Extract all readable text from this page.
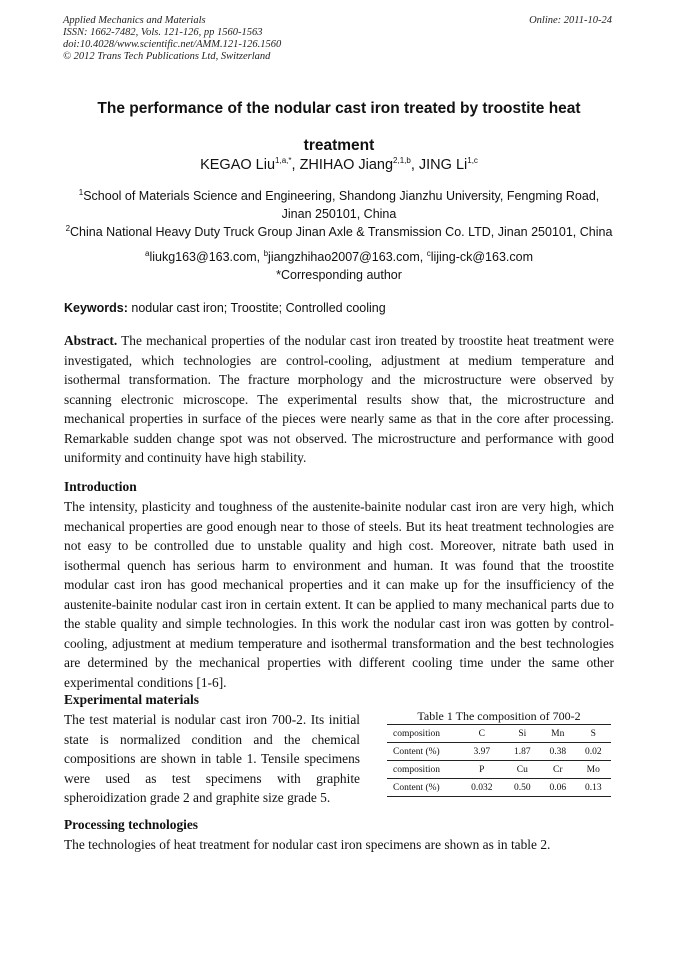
Applied Mechanics and Materials
ISSN: 1662-7482, Vols. 121-126, pp 1560-1563
doi:10.4028/www.scientific.net/AMM.121-126.1560
© 2012 Trans Tech Publications Ltd, Switzerland
Online: 2011-10-24
The performance of the nodular cast iron treated by troostite heat
treatment
KEGAO Liu$^{1,a,*}$, ZHIHAO Jiang$^{2,1,b}$, JING Li$^{1,c}$
$^1$School of Materials Science and Engineering, Shandong Jianzhu University, Fengming Road,
Jinan 250101, China
$^2$China National Heavy Duty Truck Group Jinan Axle & Transmission Co. LTD, Jinan 250101, China
$^a$liukg163@163.com, $^b$jiangzhihao2007@163.com, $^c$lijing-ck@163.com
*Corresponding author
Keywords: nodular cast iron; Troostite; Controlled cooling
Abstract. The mechanical properties of the nodular cast iron treated by troostite heat treatment were investigated, which technologies are control-cooling, adjustment at medium temperature and isothermal transformation. The fracture morphology and the microstructure were observed by scanning electronic microscope. The experimental results show that, the microstructure and mechanical properties in surface of the pieces were nearly same as that in the core after processing. Remarkable sudden change spot was not observed. The microstructure and performance with good uniformity and continuity have high stability.
Introduction
The intensity, plasticity and toughness of the austenite-bainite nodular cast iron are very high, which mechanical properties are good enough near to those of steels. But its heat treatment technologies are not easy to be controlled due to unstable quality and high cost. Moreover, nitrate bath used in isothermal quench has serious harm to environment and human. It was found that the troostite modular cast iron has good mechanical properties and it can make up for the insufficiency of the austenite-bainite nodular cast iron in certain extent. It can be applied to many mechanical parts due to the stable quality and simple technologies. In this work the nodular cast iron was gotten by control-cooling, adjustment at medium temperature and isothermal transformation and the best technologies are determined by the mechanical properties with different cooling time under the same other experimental conditions [1-6].
Experimental materials
The test material is nodular cast iron 700-2. Its initial state is normalized condition and the chemical compositions are shown in table 1. Tensile specimens were used as test specimens with graphite spheroidization grade 2 and graphite size grade 5.
Table 1 The composition of 700-2
composition	C	Si	Mn	S
Content (%)	3.97	1.87	0.38	0.02
composition	P	Cu	Cr	Mo
Content (%)	0.032	0.50	0.06	0.13
Processing technologies
The technologies of heat treatment for nodular cast iron specimens are shown as in table 2.
